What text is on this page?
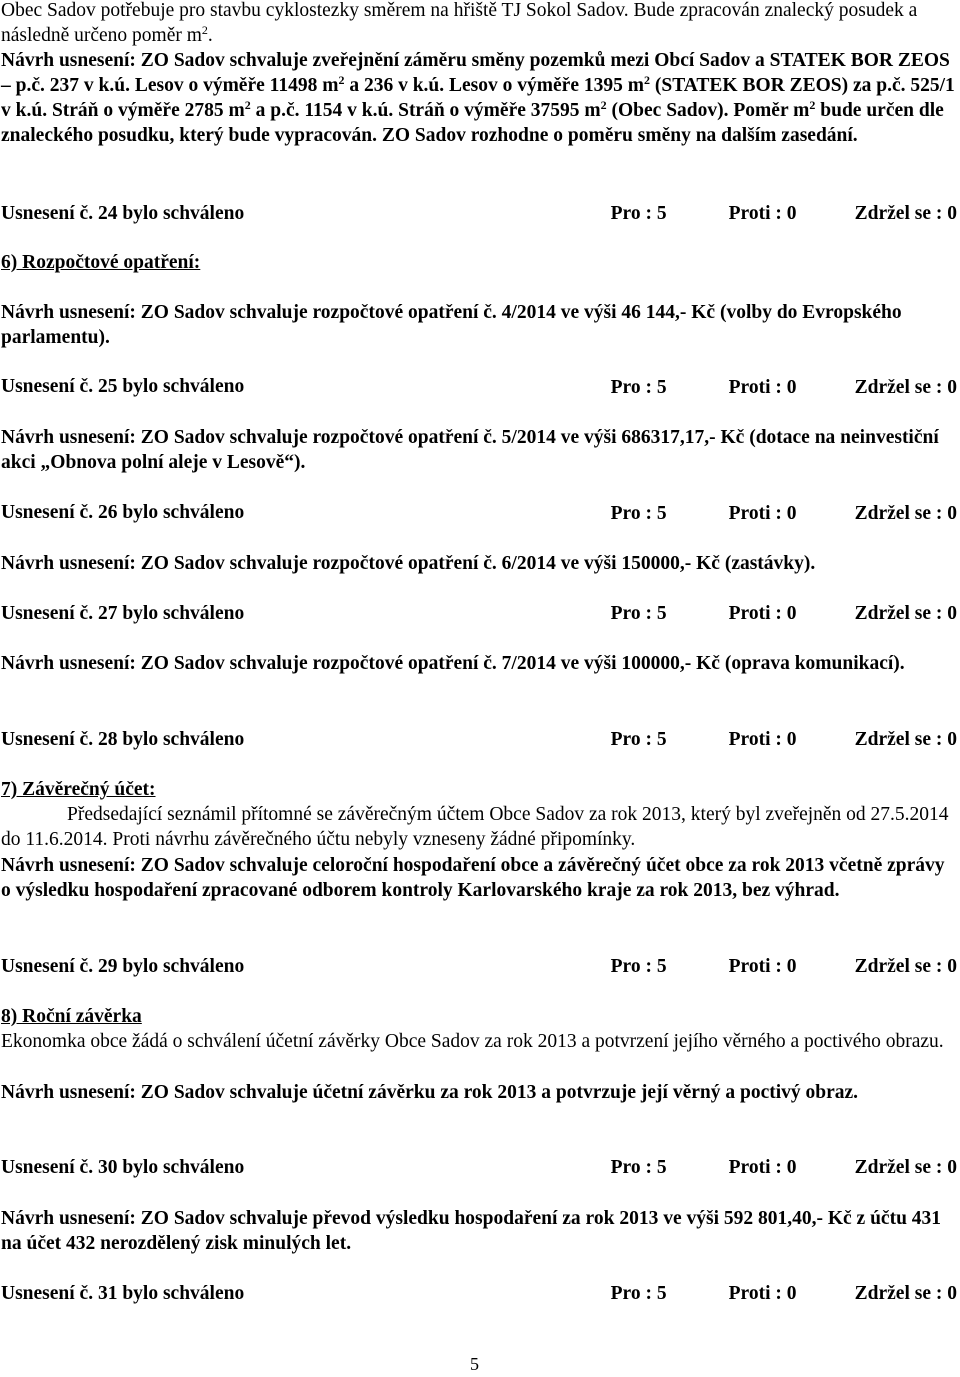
Obec Sadov potřebuje pro stavbu cyklostezky směrem na hřiště TJ Sokol Sadov. Bude zpracován znalecký posudek a následně určeno poměr $m^2$.

Návrh usnesení: ZO Sadov schvaluje zveřejnění záměru směny pozemků mezi Obcí Sadov a STATEK BOR ZEOS – p.č. 237 v k.ú. Lesov o výměře 11498 $m^2$ a 236 v k.ú. Lesov o výměře 1395 $m^2$ (STATEK BOR ZEOS) za p.č. 525/1 v k.ú. Stráň o výměře 2785 $m^2$ a p.č. 1154 v k.ú. Stráň o výměře 37595 $m^2$ (Obec Sadov). Poměr $m^2$ bude určen dle znaleckého posudku, který bude vypracován. ZO Sadov rozhodne o poměru směny na dalším zasedání.

Pro : 5	Proti : 0	Zdržel se : 0

Usnesení č. 24 bylo schváleno
6) Rozpočtové opatření:
Návrh usnesení: ZO Sadov schvaluje rozpočtové opatření č. 4/2014 ve výši 46 144,- Kč (volby do Evropského parlamentu).

Pro : 5	Proti : 0	Zdržel se : 0

Usnesení č. 25 bylo schváleno
Návrh usnesení: ZO Sadov schvaluje rozpočtové opatření č. 5/2014 ve výši 686317,17,- Kč (dotace na neinvestiční akci „Obnova polní aleje v Lesově“).

Pro : 5	Proti : 0	Zdržel se : 0

Usnesení č. 26 bylo schváleno
Návrh usnesení: ZO Sadov schvaluje rozpočtové opatření č. 6/2014 ve výši 150000,- Kč (zastávky).

Pro : 5	Proti : 0	Zdržel se : 0

Usnesení č. 27 bylo schváleno
Návrh usnesení: ZO Sadov schvaluje rozpočtové opatření č. 7/2014 ve výši 100000,- Kč (oprava komunikací).

Pro : 5	Proti : 0	Zdržel se : 0

Usnesení č. 28 bylo schváleno
7) Závěrečný účet:

Předsedající seznámil přítomné se závěrečným účtem Obce Sadov za rok 2013, který byl zveřejněn od 27.5.2014 do 11.6.2014. Proti návrhu závěrečného účtu nebyly vzneseny žádné připomínky.

Návrh usnesení: ZO Sadov schvaluje celoroční hospodaření obce a závěrečný účet obce za rok 2013 včetně zprávy o výsledku hospodaření zpracované odborem kontroly Karlovarského kraje za rok 2013, bez výhrad.

Pro : 5	Proti : 0	Zdržel se : 0

Usnesení č. 29 bylo schváleno
8) Roční závěrka
Ekonomka obce žádá o schválení účetní závěrky Obce Sadov za rok 2013 a potvrzení jejího věrného a poctivého obrazu.
Návrh usnesení: ZO Sadov schvaluje účetní závěrku za rok 2013 a potvrzuje její věrný a poctivý obraz.

Pro : 5	Proti : 0	Zdržel se : 0

Usnesení č. 30 bylo schváleno
Návrh usnesení: ZO Sadov schvaluje převod výsledku hospodaření za rok 2013 ve výši 592 801,40,- Kč z účtu 431 na účet 432 nerozdělený zisk minulých let.

Pro : 5	Proti : 0	Zdržel se : 0

Usnesení č. 31 bylo schváleno
5
